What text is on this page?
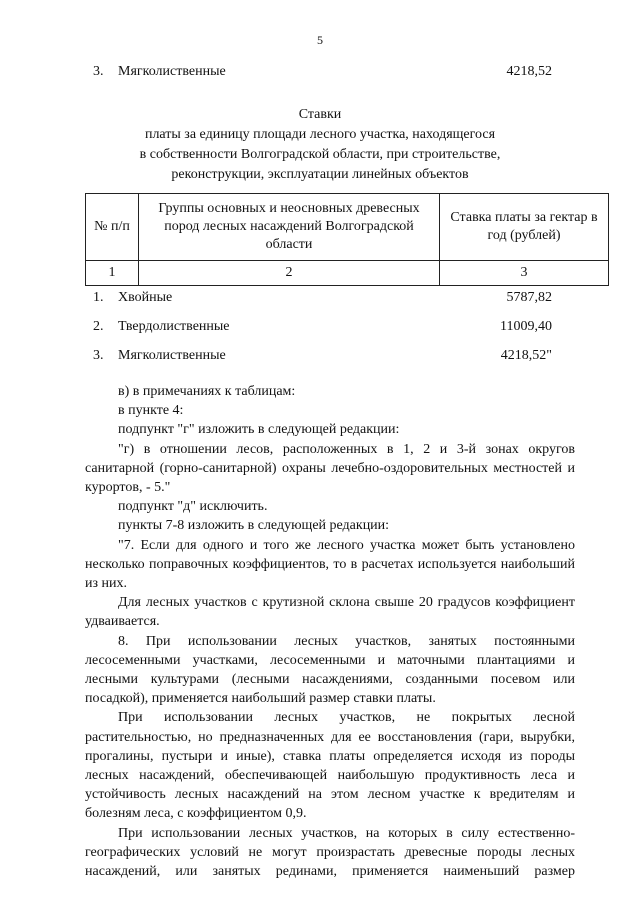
5
3. Мягколиственные	4218,52
Ставки
платы за единицу площади лесного участка, находящегося
в собственности Волгоградской области, при строительстве,
реконструкции, эксплуатации линейных объектов
№ п/п	Группы основных и неосновных древесных пород лесных насаждений Волгоградской области	Ставка платы за гектар в год (рублей)
1	2	3
1. Хвойные	5787,82
2. Твердолиственные	11009,40
3. Мягколиственные	4218,52"

в) в примечаниях к таблицам:

в пункте 4:

подпункт "г" изложить в следующей редакции:

"г) в отношении лесов, расположенных в 1, 2 и 3-й зонах округов санитарной (горно-санитарной) охраны лечебно-оздоровительных местностей и курортов, - 5."

подпункт "д" исключить.

пункты 7-8 изложить в следующей редакции:

"7. Если для одного и того же лесного участка может быть установлено несколько поправочных коэффициентов, то в расчетах используется наибольший из них.

Для лесных участков с крутизной склона свыше 20 градусов коэффициент удваивается.

8. При использовании лесных участков, занятых постоянными лесосеменными участками, лесосеменными и маточными плантациями и лесными культурами (лесными насаждениями, созданными посевом или посадкой), применяется наибольший размер ставки платы.

При использовании лесных участков, не покрытых лесной растительностью, но предназначенных для ее восстановления (гари, вырубки, прогалины, пустыри и иные), ставка платы определяется исходя из породы лесных насаждений, обеспечивающей наибольшую продуктивность леса и устойчивость лесных насаждений на этом лесном участке к вредителям и болезням леса, с коэффициентом 0,9.

При использовании лесных участков, на которых в силу естественно-географических условий не могут произрастать древесные породы лесных насаждений, или занятых рединами, применяется наименьший размер
